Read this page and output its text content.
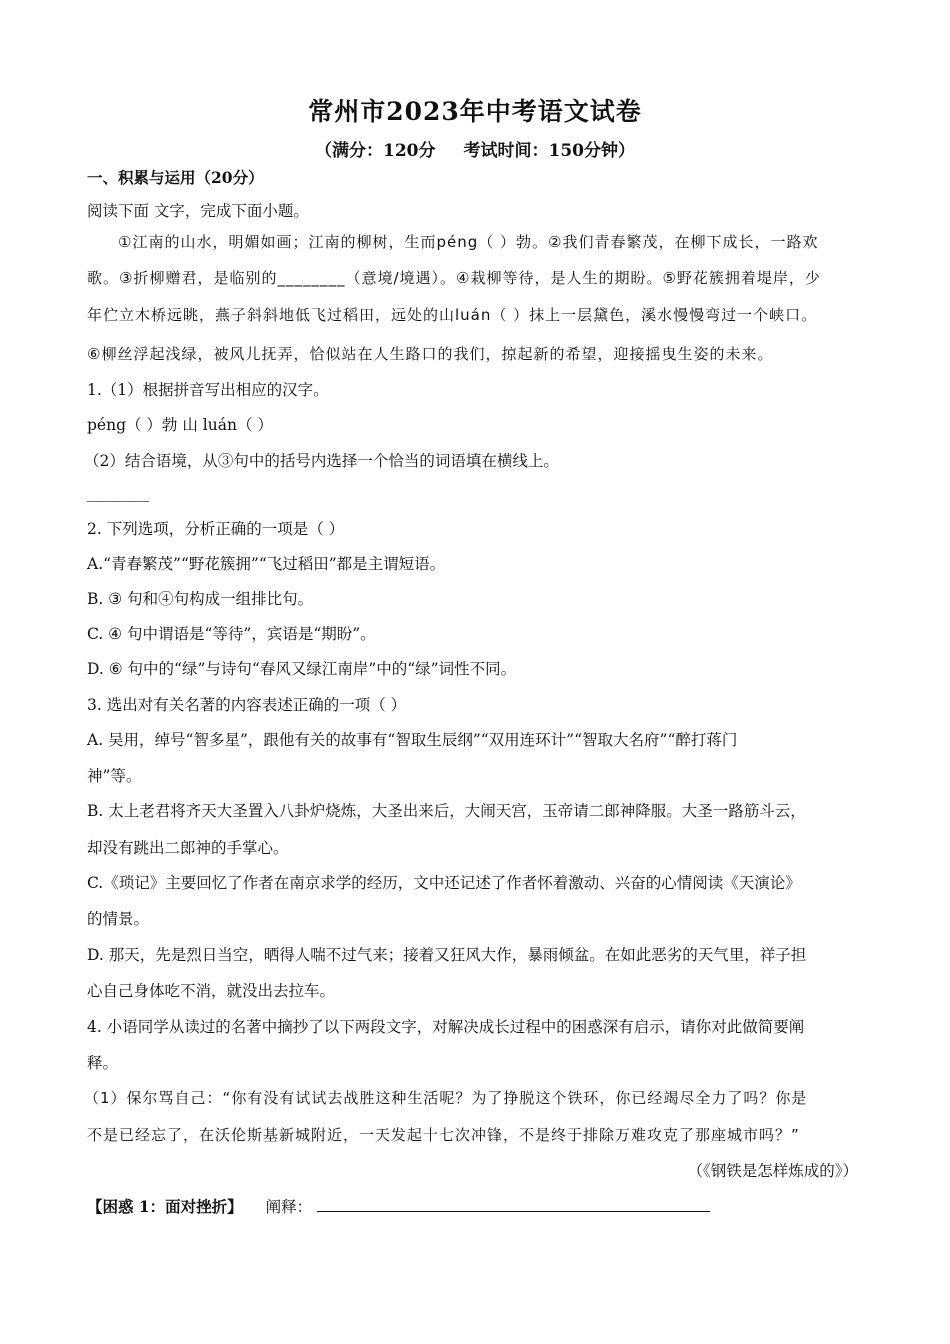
常州市2023年中考语文试卷
（满分：120分 考试时间：150分钟）
一、积累与运用（20分）
阅读下面 文字，完成下面小题。
①江南的山水，明媚如画；江南的柳树，生而péng（ ）勃。②我们青春繁茂，在柳下成长，一路欢
歌。③折柳赠君，是临别的________（意境/境遇）。④栽柳等待，是人生的期盼。⑤野花簇拥着堤岸，少
年伫立木桥远眺，燕子斜斜地低飞过稻田，远处的山luán（ ）抹上一层黛色，溪水慢慢弯过一个峡口。
⑥柳丝浮起浅绿，被风儿抚弄，恰似站在人生路口的我们，掠起新的希望，迎接摇曳生姿的未来。
1.（1）根据拼音写出相应的汉字。
péng（ ）勃 山 luán（ ）
（2）结合语境，从③句中的括号内选择一个恰当的词语填在横线上。
________
2. 下列选项，分析正确的一项是（ ）
A.“青春繁茂”“野花簇拥”“飞过稻田”都是主谓短语。
B. ③ 句和④句构成一组排比句。
C. ④ 句中谓语是“等待”，宾语是“期盼”。
D. ⑥ 句中的“绿”与诗句“春风又绿江南岸”中的“绿”词性不同。
3. 选出对有关名著的内容表述正确的一项（ ）
A. 吴用，绰号“智多星”，跟他有关的故事有“智取生辰纲”“双用连环计”“智取大名府”“醉打蒋门
神”等。
B. 太上老君将齐天大圣置入八卦炉烧炼，大圣出来后，大闹天宫，玉帝请二郎神降服。大圣一路筋斗云，
却没有跳出二郎神的手掌心。
C.《琐记》主要回忆了作者在南京求学的经历，文中还记述了作者怀着激动、兴奋的心情阅读《天演论》
的情景。
D. 那天，先是烈日当空，晒得人喘不过气来；接着又狂风大作，暴雨倾盆。在如此恶劣的天气里，祥子担
心自己身体吃不消，就没出去拉车。
4. 小语同学从读过的名著中摘抄了以下两段文字，对解决成长过程中的困惑深有启示，请你对此做简要阐
释。
（1）保尔骂自己：“你有没有试试去战胜这种生活呢？为了挣脱这个铁环，你已经竭尽全力了吗？你是
不是已经忘了，在沃伦斯基新城附近，一天发起十七次冲锋，不是终于排除万难攻克了那座城市吗？”
（《钢铁是怎样炼成的》）
【困惑 1：面对挫折】 阐释：
